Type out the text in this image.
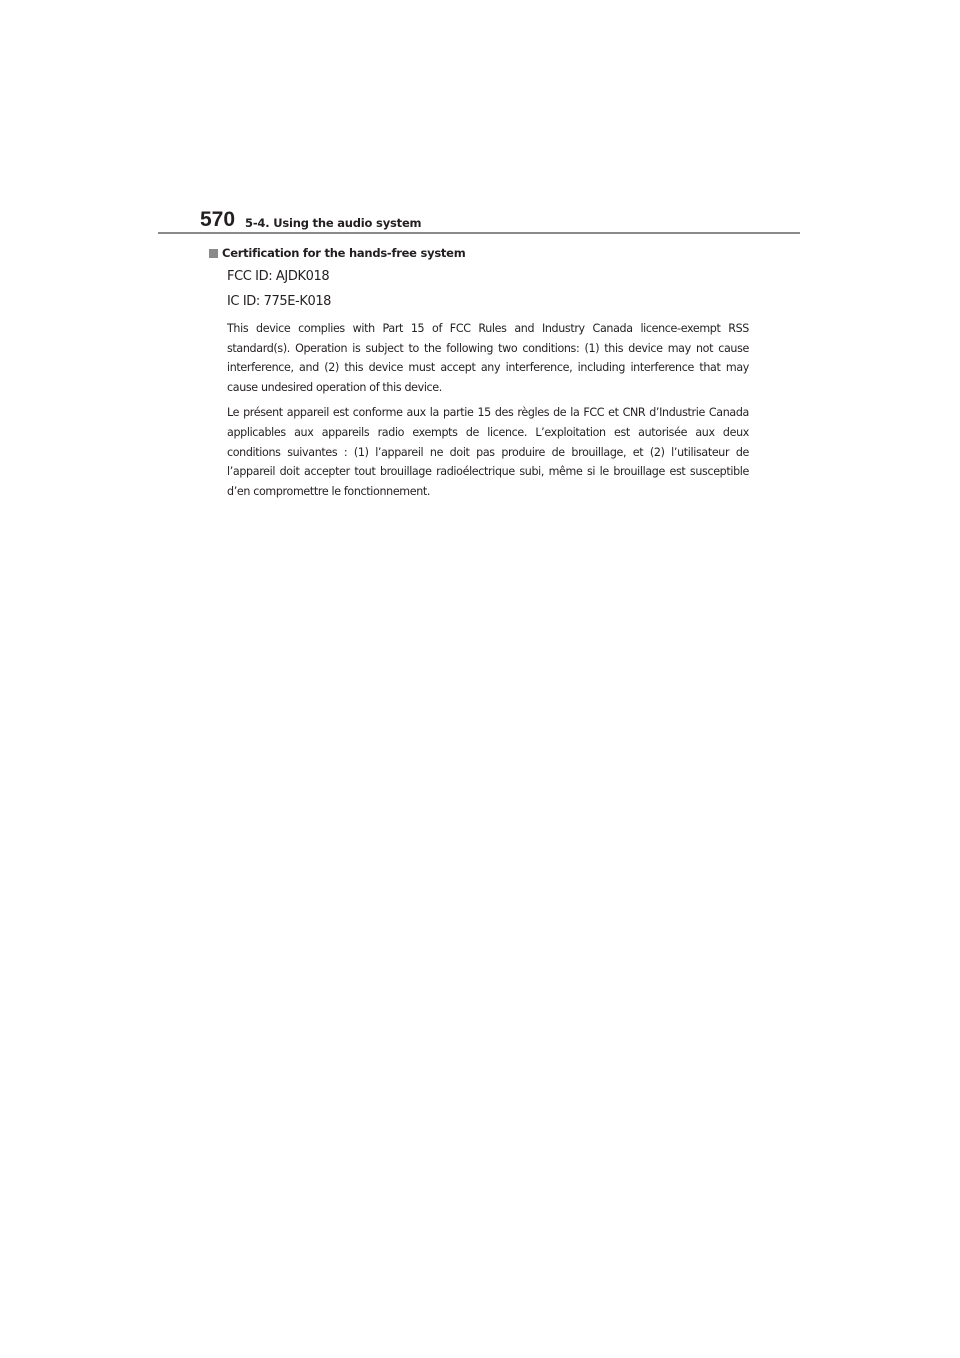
570 5-4. Using the audio system
Certification for the hands-free system
FCC ID: AJDK018
IC ID: 775E-K018

This device complies with Part 15 of FCC Rules and Industry Canada licence-exempt RSS standard(s). Operation is subject to the following two conditions: (1) this device may not cause interference, and (2) this device must accept any interference, including interference that may cause undesired operation of this device.

Le présent appareil est conforme aux la partie 15 des règles de la FCC et CNR d’Industrie Canada applicables aux appareils radio exempts de licence. L’exploitation est autorisée aux deux conditions suivantes : (1) l’appareil ne doit pas produire de brouillage, et (2) l’utilisateur de l’appareil doit accepter tout brouillage radioélectrique subi, même si le brouillage est susceptible d’en compromettre le fonctionnement.
